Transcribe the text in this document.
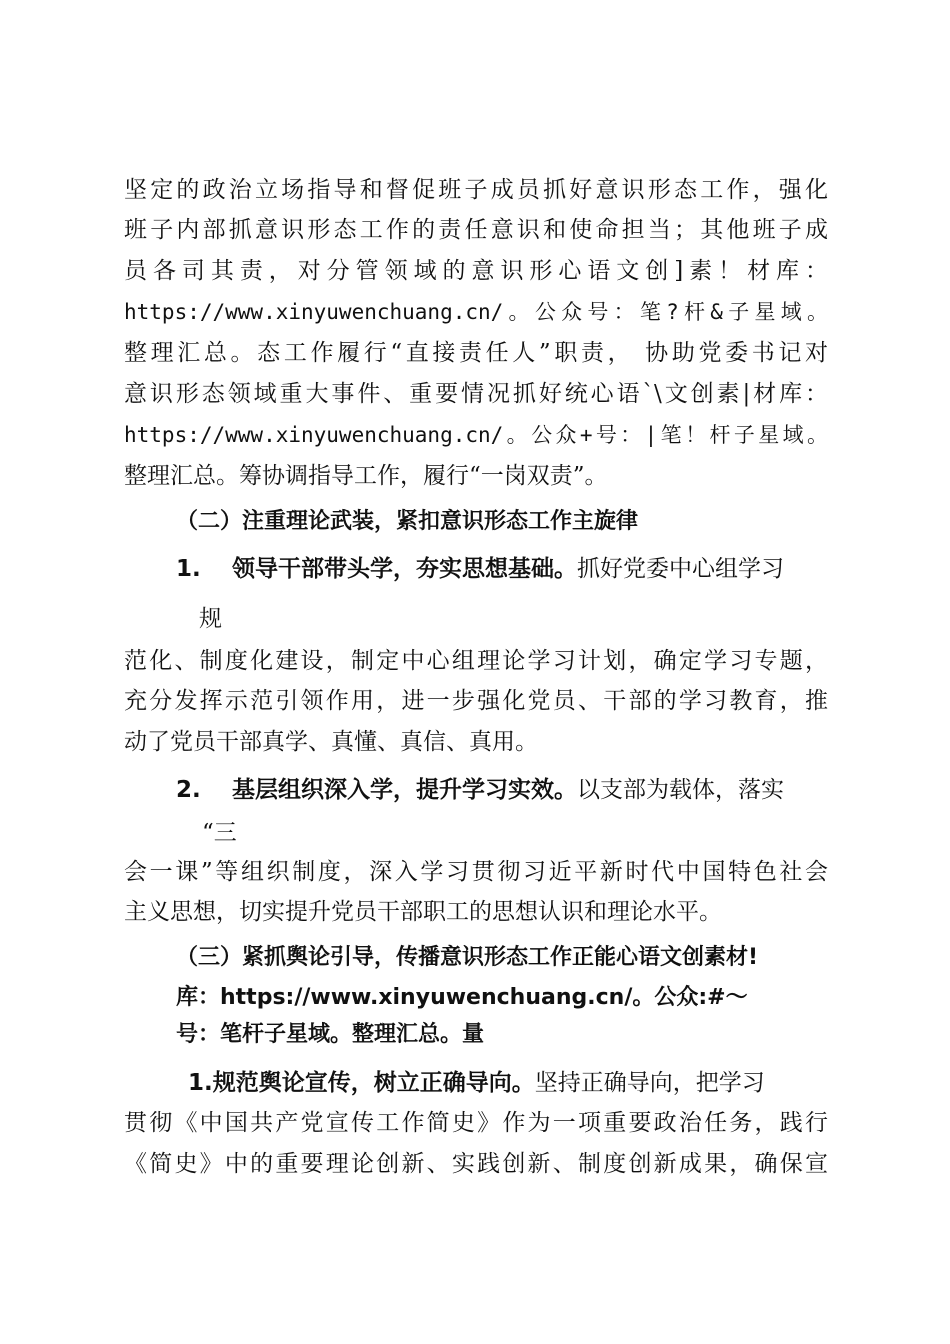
坚定的政治立场指导和督促班子成员抓好意识形态工作，强化
班子内部抓意识形态工作的责任意识和使命担当；其他班子成
员各司其责，对分管领域的意识形心语文创]素！材库：
https://www.xinyuwenchuang.cn/。公众号：笔?杆&子星域。
整理汇总。态工作履行“直接责任人”职责， 协助党委书记对
意识形态领域重大事件、重要情况抓好统心语`\文创素|材库：
https://www.xinyuwenchuang.cn/。公众+号：|笔！杆子星域。
整理汇总。筹协调指导工作，履行“一岗双责”。
（二）注重理论武装，紧扣意识形态工作主旋律
1. 领导干部带头学，夯实思想基础。抓好党委中心组学习
规
范化、制度化建设，制定中心组理论学习计划，确定学习专题，
充分发挥示范引领作用，进一步强化党员、干部的学习教育，推
动了党员干部真学、真懂、真信、真用。
2. 基层组织深入学，提升学习实效。以支部为载体，落实
“三
会一课”等组织制度，深入学习贯彻习近平新时代中国特色社会
主义思想，切实提升党员干部职工的思想认识和理论水平。
（三）紧抓舆论引导，传播意识形态工作正能心语文创素材!
库：https://www.xinyuwenchuang.cn/。公众:#～
号：笔杆子星域。整理汇总。量
1.规范舆论宣传，树立正确导向。坚持正确导向，把学习
贯彻《中国共产党宣传工作简史》作为一项重要政治任务，践行
《简史》中的重要理论创新、实践创新、制度创新成果，确保宣
